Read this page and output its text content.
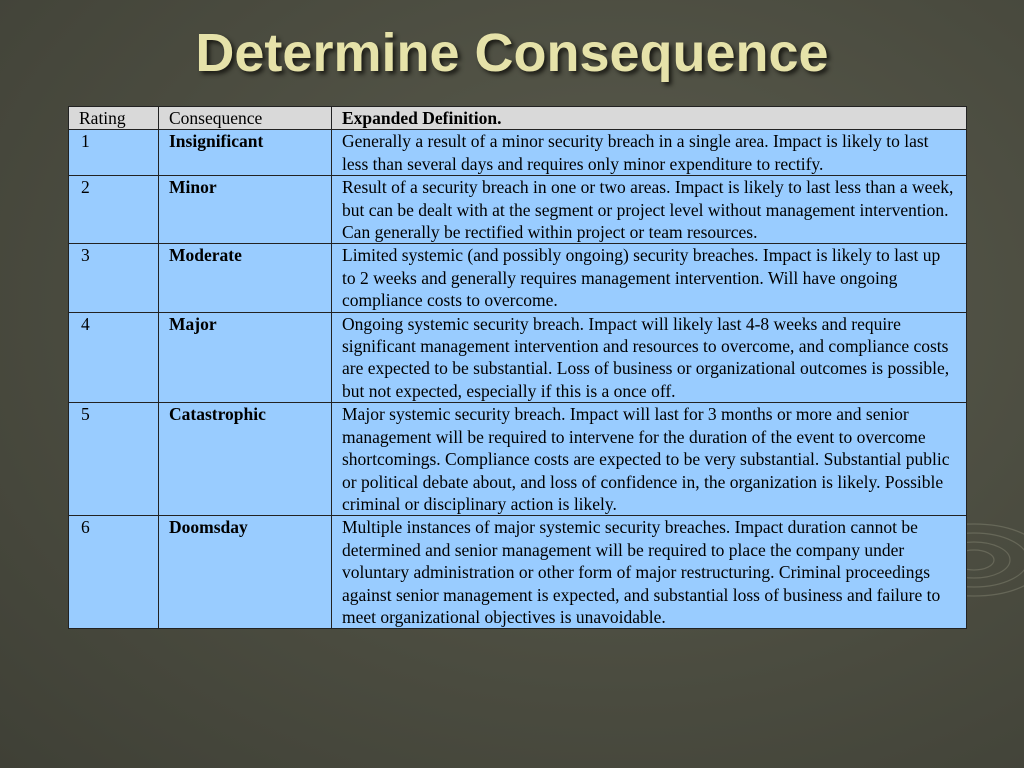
Determine Consequence
Rating	Consequence	Expanded Definition.
1	Insignificant	Generally a result of a minor security breach in a single area. Impact is likely to last less than several days and requires only minor expenditure to rectify.
2	Minor	Result of a security breach in one or two areas. Impact is likely to last less than a week, but can be dealt with at the segment or project level without management intervention. Can generally be rectified within project or team resources.
3	Moderate	Limited systemic (and possibly ongoing) security breaches. Impact is likely to last up to 2 weeks and generally requires management intervention. Will have ongoing compliance costs to overcome.
4	Major	Ongoing systemic security breach. Impact will likely last 4-8 weeks and require significant management intervention and resources to overcome, and compliance costs are expected to be substantial. Loss of business or organizational outcomes is possible, but not expected, especially if this is a once off.
5	Catastrophic	Major systemic security breach. Impact will last for 3 months or more and senior management will be required to intervene for the duration of the event to overcome shortcomings. Compliance costs are expected to be very substantial. Substantial public or political debate about, and loss of confidence in, the organization is likely. Possible criminal or disciplinary action is likely.
6	Doomsday	Multiple instances of major systemic security breaches. Impact duration cannot be determined and senior management will be required to place the company under voluntary administration or other form of major restructuring. Criminal proceedings against senior management is expected, and substantial loss of business and failure to meet organizational objectives is unavoidable.
